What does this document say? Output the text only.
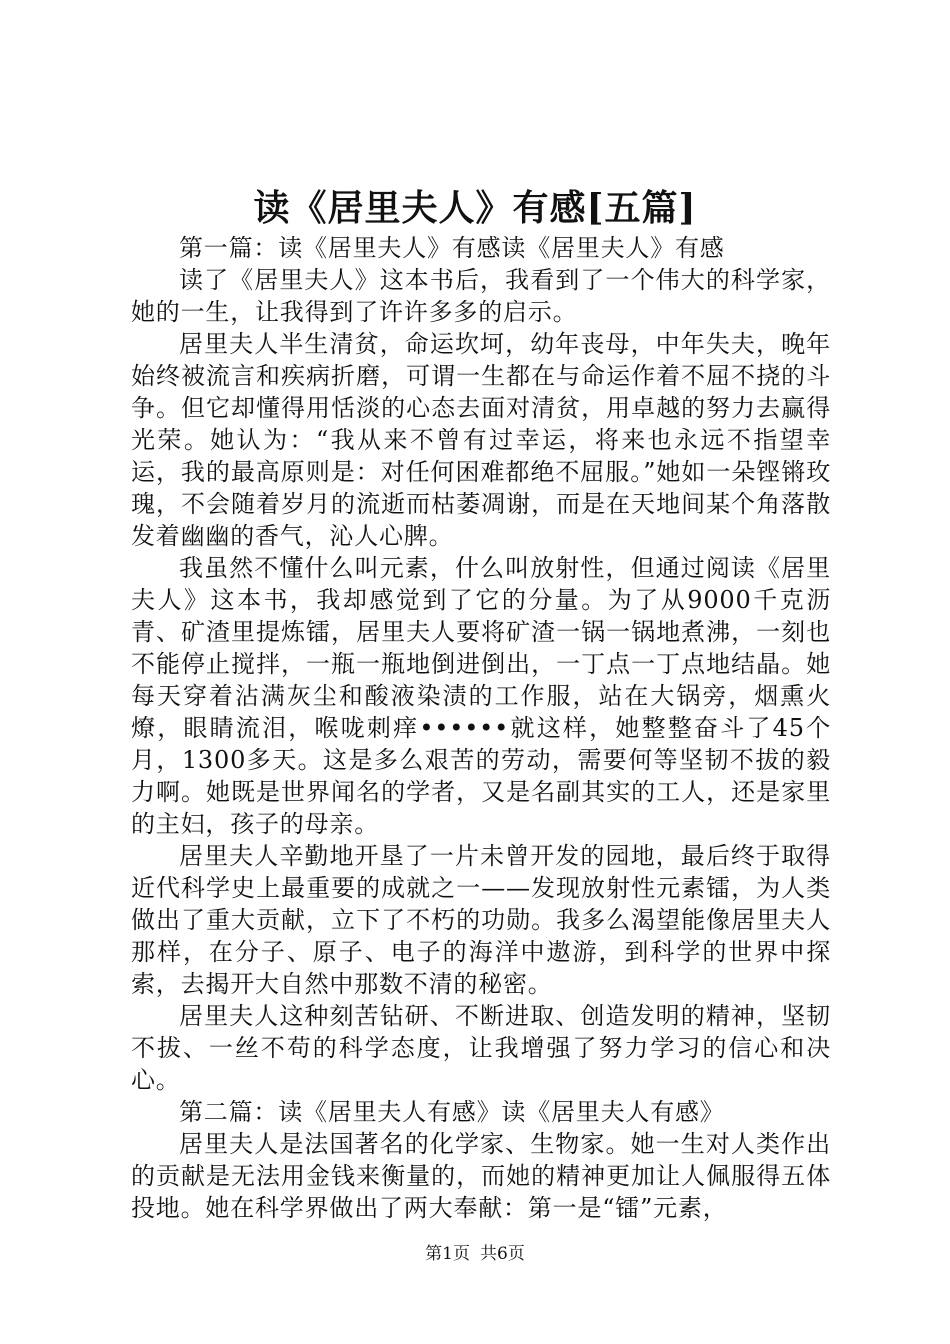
读《居里夫人》有感[五篇]

第一篇：读《居里夫人》有感读《居里夫人》有感

读了《居里夫人》这本书后，我看到了一个伟大的科学家，她的一生，让我得到了许许多多的启示。

居里夫人半生清贫，命运坎坷，幼年丧母，中年失夫，晚年始终被流言和疾病折磨，可谓一生都在与命运作着不屈不挠的斗争。但它却懂得用恬淡的心态去面对清贫，用卓越的努力去赢得光荣。她认为：“我从来不曾有过幸运，将来也永远不指望幸运，我的最高原则是：对任何困难都绝不屈服。”她如一朵铿锵玫瑰，不会随着岁月的流逝而枯萎凋谢，而是在天地间某个角落散发着幽幽的香气，沁人心脾。

我虽然不懂什么叫元素，什么叫放射性，但通过阅读《居里夫人》这本书，我却感觉到了它的分量。为了从9000千克沥青、矿渣里提炼镭，居里夫人要将矿渣一锅一锅地煮沸，一刻也不能停止搅拌，一瓶一瓶地倒进倒出，一丁点一丁点地结晶。她每天穿着沾满灰尘和酸液染渍的工作服，站在大锅旁，烟熏火燎，眼睛流泪，喉咙刺痒••••••就这样，她整整奋斗了45个月，1300多天。这是多么艰苦的劳动，需要何等坚韧不拔的毅力啊。她既是世界闻名的学者，又是名副其实的工人，还是家里的主妇，孩子的母亲。

居里夫人辛勤地开垦了一片未曾开发的园地，最后终于取得近代科学史上最重要的成就之一——发现放射性元素镭，为人类做出了重大贡献，立下了不朽的功勋。我多么渴望能像居里夫人那样，在分子、原子、电子的海洋中遨游，到科学的世界中探索，去揭开大自然中那数不清的秘密。

居里夫人这种刻苦钻研、不断进取、创造发明的精神，坚韧不拔、一丝不苟的科学态度，让我增强了努力学习的信心和决心。

第二篇：读《居里夫人有感》读《居里夫人有感》

居里夫人是法国著名的化学家、生物家。她一生对人类作出的贡献是无法用金钱来衡量的，而她的精神更加让人佩服得五体投地。她在科学界做出了两大奉献：第一是“镭”元素，

第1页 共6页
